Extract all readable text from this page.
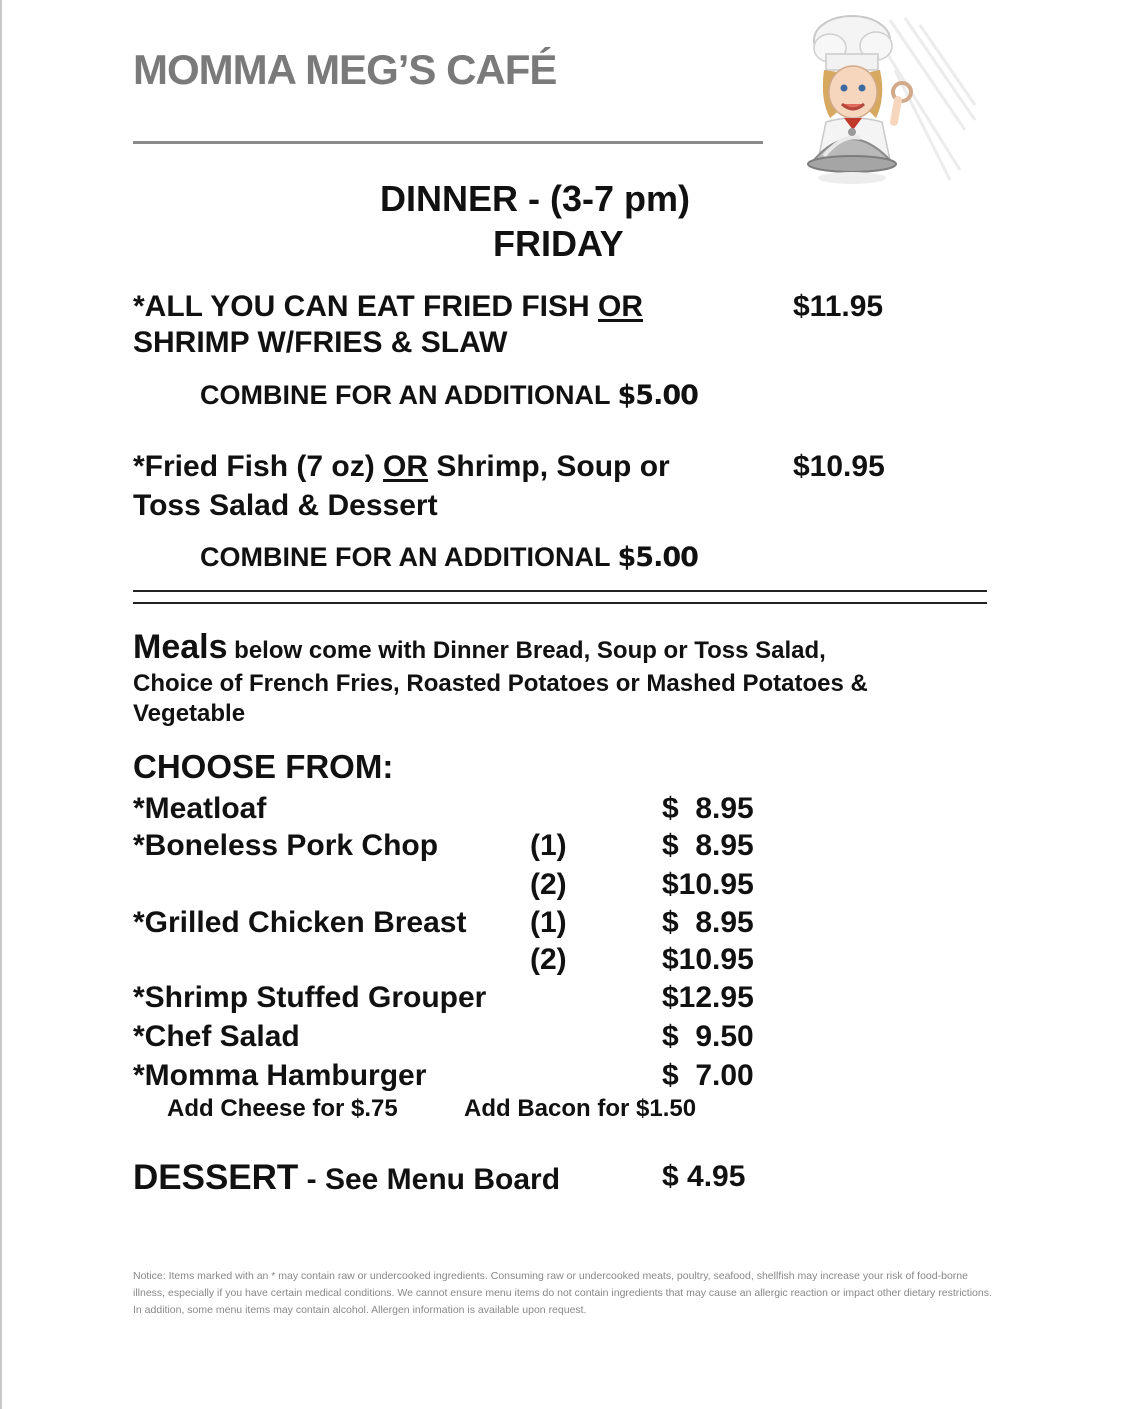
MOMMA MEG’S CAFÉ
DINNER - (3-7 pm)
FRIDAY
*ALL YOU CAN EAT FRIED FISH OR
SHRIMP W/FRIES & SLAW
$11.95
COMBINE FOR AN ADDITIONAL $5.00
*Fried Fish (7 oz) OR Shrimp, Soup or
Toss Salad & Dessert
$10.95
COMBINE FOR AN ADDITIONAL $5.00
Meals below come with Dinner Bread, Soup or Toss Salad,
Choice of French Fries, Roasted Potatoes or Mashed Potatoes &
Vegetable
CHOOSE FROM:
*Meatloaf	$  8.95
*Boneless Pork Chop	(1)	$  8.95
(2)	$10.95
*Grilled Chicken Breast (1)	$  8.95
(2)	$10.95
*Shrimp Stuffed Grouper	$12.95
*Chef Salad	$  9.50
*Momma Hamburger	$  7.00
Add Cheese for $.75	Add Bacon for $1.50
DESSERT - See Menu Board	$ 4.95
Notice: Items marked with an * may contain raw or undercooked ingredients. Consuming raw or undercooked meats, poultry, seafood, shellfish may increase your risk of food-borne illness, especially if you have certain medical conditions. We cannot ensure menu items do not contain ingredients that may cause an allergic reaction or impact other dietary restrictions. In addition, some menu items may contain alcohol. Allergen information is available upon request.
